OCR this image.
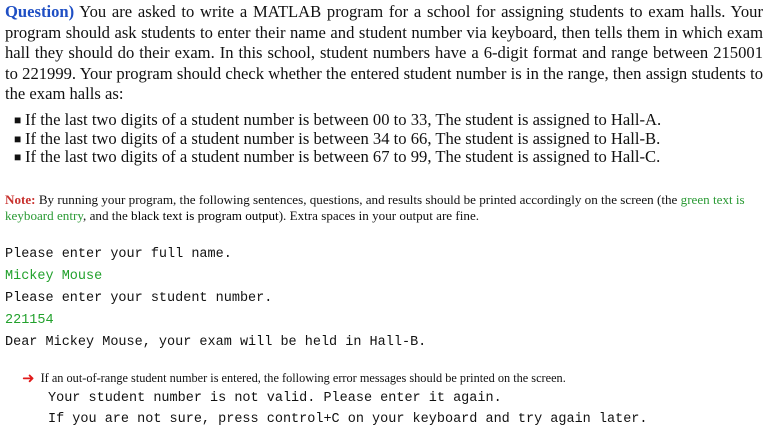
Question) You are asked to write a MATLAB program for a school for assigning students to exam halls. Your program should ask students to enter their name and student number via keyboard, then tells them in which exam hall they should do their exam. In this school, student numbers have a 6-digit format and range between 215001 to 221999. Your program should check whether the entered student number is in the range, then assign students to the exam halls as:
■ If the last two digits of a student number is between 00 to 33, The student is assigned to Hall-A.
■ If the last two digits of a student number is between 34 to 66, The student is assigned to Hall-B.
■ If the last two digits of a student number is between 67 to 99, The student is assigned to Hall-C.
Note: By running your program, the following sentences, questions, and results should be printed accordingly on the screen (the green text is keyboard entry, and the black text is program output). Extra spaces in your output are fine.
Please enter your full name.
Mickey Mouse
Please enter your student number.
221154
Dear Mickey Mouse, your exam will be held in Hall-B.
➜ If an out-of-range student number is entered, the following error messages should be printed on the screen.
Your student number is not valid. Please enter it again.
If you are not sure, press control+C on your keyboard and try again later.
